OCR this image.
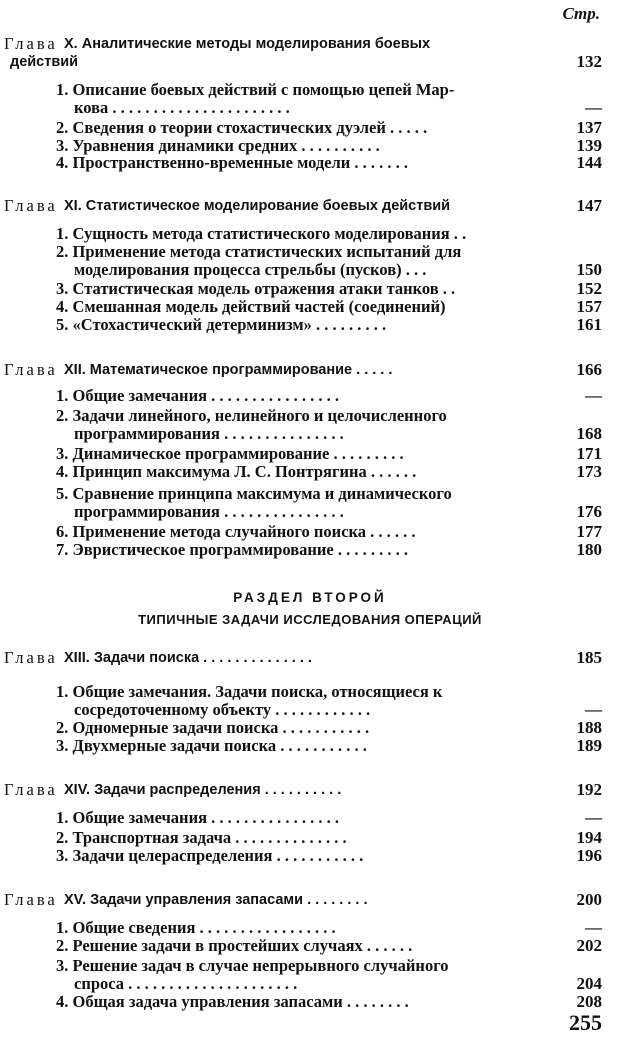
Стр.
Глава X. Аналитические методы моделирования боевых
действий	132
1. Описание боевых действий с помощью цепей Мар-
кова . . . . . . . . . . . . . . . . . . . . . .	—
2. Сведения о теории стохастических дуэлей . . . . .	137
3. Уравнения динамики средних . . . . . . . . . .	139
4. Пространственно-временные модели . . . . . . .	144
Глава XI. Статистическое моделирование боевых действий	147
1. Сущность метода статистического моделирования . .
2. Применение метода статистических испытаний для
моделирования процесса стрельбы (пусков) . . .	150
3. Статистическая модель отражения атаки танков . .	152
4. Смешанная модель действий частей (соединений)	157
5. «Стохастический детерминизм» . . . . . . . . .	161
Глава XII. Математическое программирование . . . . .	166
1. Общие замечания . . . . . . . . . . . . . . . .	—
2. Задачи линейного, нелинейного и целочисленного
программирования . . . . . . . . . . . . . . .	168
3. Динамическое программирование . . . . . . . . .	171
4. Принцип максимума Л. С. Понтрягина . . . . . .	173
5. Сравнение принципа максимума и динамического
программирования . . . . . . . . . . . . . . .	176
6. Применение метода случайного поиска . . . . . .	177
7. Эвристическое программирование . . . . . . . . .	180
РАЗДЕЛ ВТОРОЙ
ТИПИЧНЫЕ ЗАДАЧИ ИССЛЕДОВАНИЯ ОПЕРАЦИЙ
Глава XIII. Задачи поиска . . . . . . . . . . . . . .	185
1. Общие замечания. Задачи поиска, относящиеся к
сосредоточенному объекту . . . . . . . . . . . .	—
2. Одномерные задачи поиска . . . . . . . . . . .	188
3. Двухмерные задачи поиска . . . . . . . . . . .	189
Глава XIV. Задачи распределения . . . . . . . . . .	192
1. Общие замечания . . . . . . . . . . . . . . . .	—
2. Транспортная задача . . . . . . . . . . . . . .	194
3. Задачи целераспределения . . . . . . . . . . .	196
Глава XV. Задачи управления запасами . . . . . . . .	200
1. Общие сведения . . . . . . . . . . . . . . . . .	—
2. Решение задачи в простейших случаях . . . . . .	202
3. Решение задач в случае непрерывного случайного
спроса . . . . . . . . . . . . . . . . . . . . .	204
4. Общая задача управления запасами . . . . . . . .	208
255
